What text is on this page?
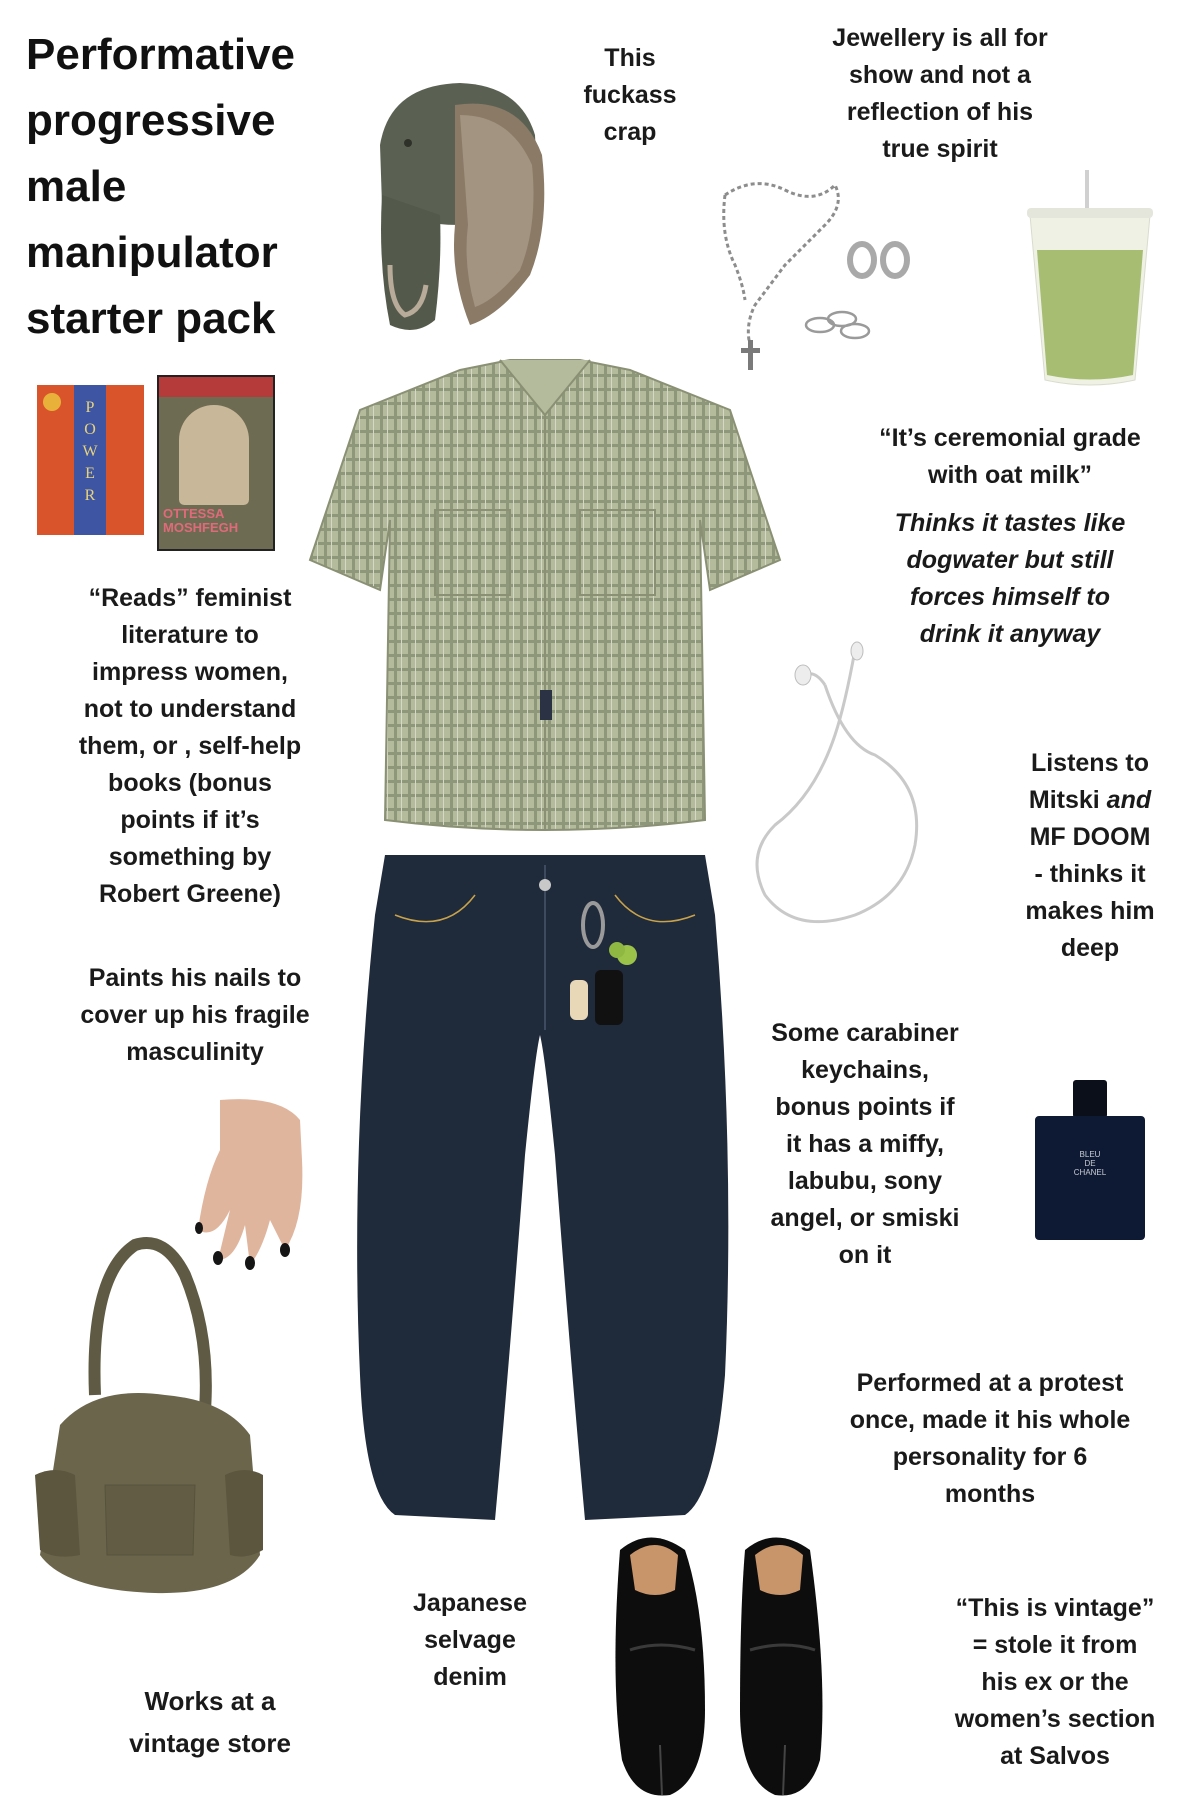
Performative
progressive
male
manipulator
starter pack
This
fuckass
crap
Jewellery is all for
show and not a
reflection of his
true spirit
“It’s ceremonial grade
with oat milk”
Thinks it tastes like
dogwater but still
forces himself to
drink it anyway
P
O
W
E
R
OTTESSA
MOSHFEGH
“Reads” feminist
literature to
impress women,
not to understand
them, or , self-help
books (bonus
points if it’s
something by
Robert Greene)
Listens to
Mitski and
MF DOOM
- thinks it
makes him
deep
Some carabiner
keychains,
bonus points if
it has a miffy,
labubu, sony
angel, or smiski
on it
BLEU
DE
CHANEL
Paints his nails to
cover up his fragile
masculinity
Performed at a protest
once, made it his whole
personality for 6
months
Japanese
selvage
denim
Works at a
vintage store
“This is vintage”
= stole it from
his ex or the
women’s section
at Salvos
